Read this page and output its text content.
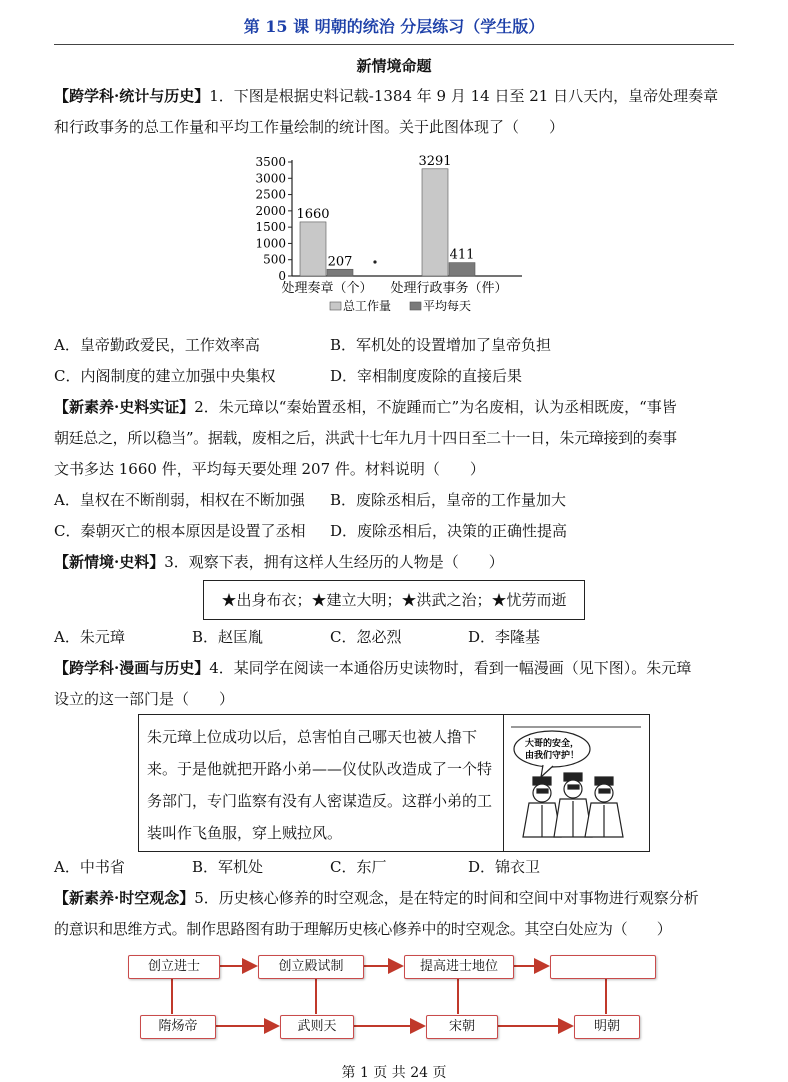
第 15 课 明朝的统治 分层练习（学生版）
新情境命题
【跨学科·统计与历史】1．下图是根据史料记载-1384 年 9 月 14 日至 21 日八天内，皇帝处理奏章
和行政事务的总工作量和平均工作量绘制的统计图。关于此图体现了（　　）
0
500
1000
1500
2000
2500
3000
3500
1660
207
处理奏章（个）
3291
411
处理行政事务（件）
总工作量	平均每天
A．皇帝勤政爱民，工作效率高	B．军机处的设置增加了皇帝负担
C．内阁制度的建立加强中央集权	D．宰相制度废除的直接后果
【新素养·史料实证】2．朱元璋以“秦始置丞相，不旋踵而亡”为名废相，认为丞相既废，“事皆
朝廷总之，所以稳当”。据载，废相之后，洪武十七年九月十四日至二十一日，朱元璋接到的奏事
文书多达 1660 件，平均每天要处理 207 件。材料说明（　　）
A．皇权在不断削弱，相权在不断加强 B．废除丞相后，皇帝的工作量加大
C．秦朝灭亡的根本原因是设置了丞相 D．废除丞相后，决策的正确性提高
【新情境·史料】3．观察下表，拥有这样人生经历的人物是（　　）
★出身布衣；★建立大明；★洪武之治；★忧劳而逝
A．朱元璋	B．赵匡胤	C．忽必烈	D．李隆基
【跨学科·漫画与历史】4．某同学在阅读一本通俗历史读物时，看到一幅漫画（见下图）。朱元璋
设立的这一部门是（　　）
朱元璋上位成功以后，总害怕自己哪天也被人撸下来。于是他就把开路小弟——仪仗队改造成了一个特务部门，专门监察有没有人密谋造反。这群小弟的工装叫作飞鱼服，穿上贼拉风。
大哥的安全，
由我们守护！
A．中书省	B．军机处	C．东厂	D．锦衣卫
【新素养·时空观念】5．历史核心修养的时空观念，是在特定的时间和空间中对事物进行观察分析
的意识和思维方式。制作思路图有助于理解历史核心修养中的时空观念。其空白处应为（　　）
创立进士	创立殿试制	提高进士地位
隋炀帝	武则天	宋朝	明朝
第 1 页 共 24 页
